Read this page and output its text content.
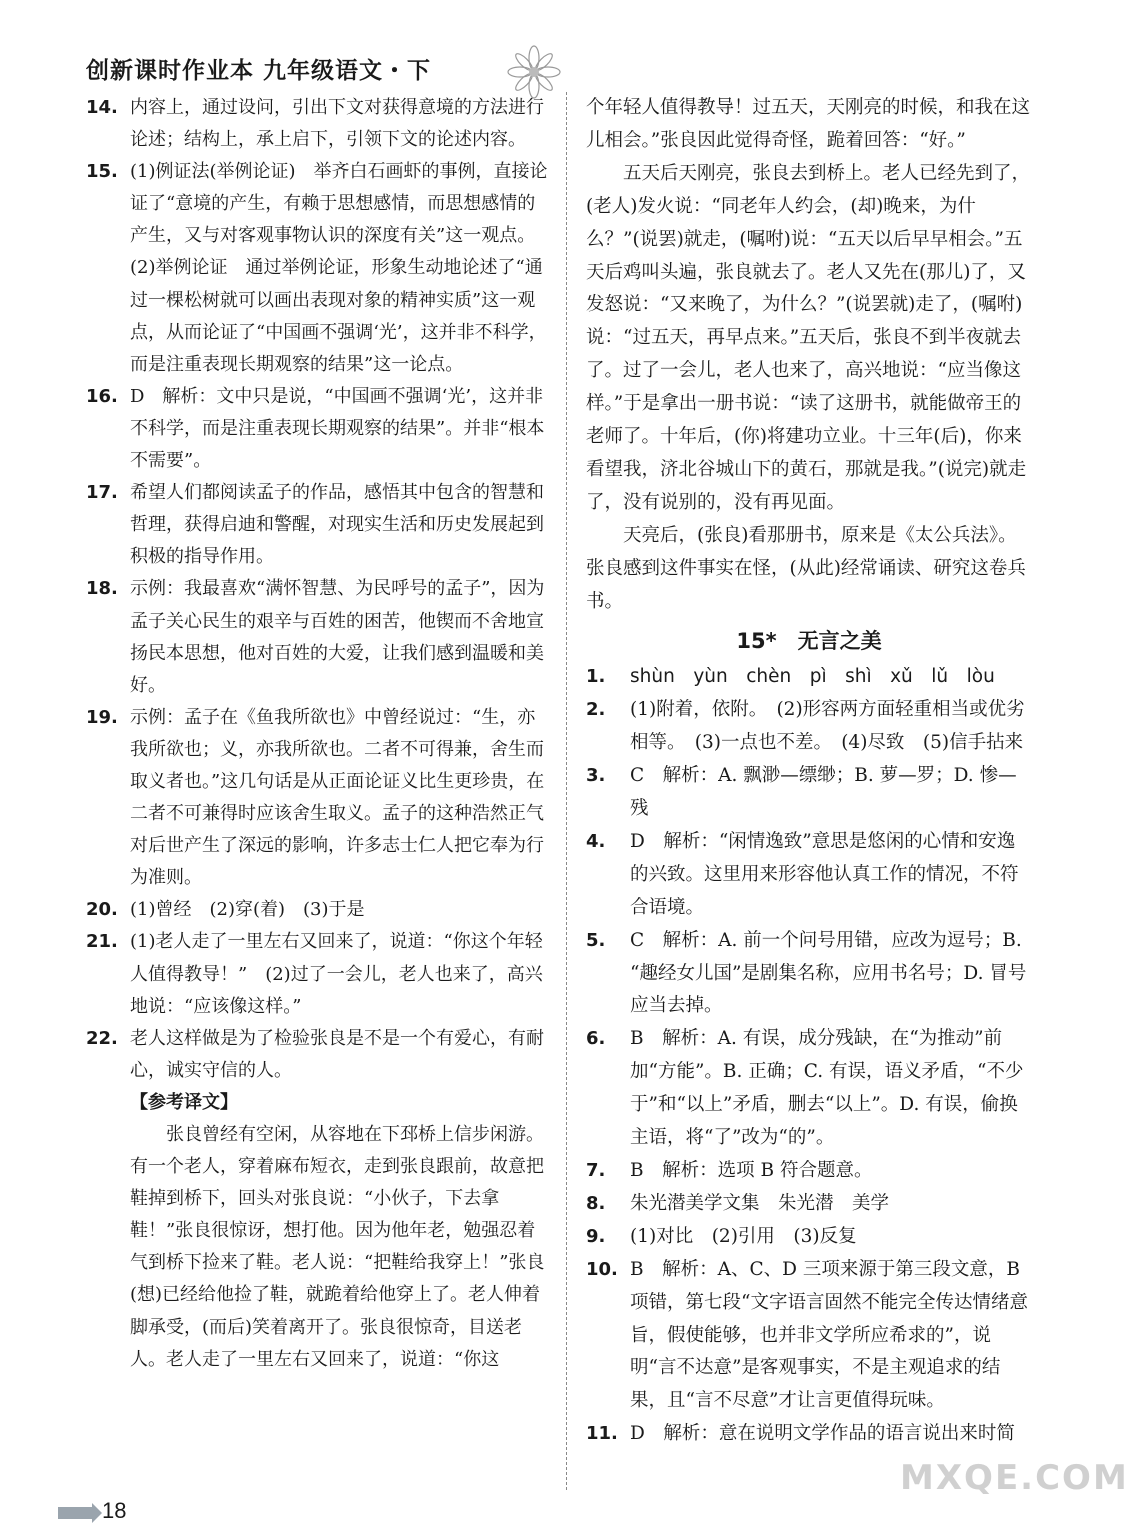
创新课时作业本 九年级语文・下
14. 内容上，通过设问，引出下文对获得意境的方法进行论述；结构上，承上启下，引领下文的论述内容。
15. (1)例证法(举例论证)　举齐白石画虾的事例，直接论证了“意境的产生，有赖于思想感情，而思想感情的产生，又与对客观事物认识的深度有关”这一观点。
(2)举例论证　通过举例论证，形象生动地论述了“通过一棵松树就可以画出表现对象的精神实质”这一观点，从而论证了“中国画不强调‘光’，这并非不科学，而是注重表现长期观察的结果”这一论点。
16. D　解析：文中只是说，“中国画不强调‘光’，这并非不科学，而是注重表现长期观察的结果”。并非“根本不需要”。
17. 希望人们都阅读孟子的作品，感悟其中包含的智慧和哲理，获得启迪和警醒，对现实生活和历史发展起到积极的指导作用。
18. 示例：我最喜欢“满怀智慧、为民呼号的孟子”，因为孟子关心民生的艰辛与百姓的困苦，他锲而不舍地宣扬民本思想，他对百姓的大爱，让我们感到温暖和美好。
19. 示例：孟子在《鱼我所欲也》中曾经说过：“生，亦我所欲也；义，亦我所欲也。二者不可得兼，舍生而取义者也。”这几句话是从正面论证义比生更珍贵，在二者不可兼得时应该舍生取义。孟子的这种浩然正气对后世产生了深远的影响，许多志士仁人把它奉为行为准则。
20. (1)曾经　(2)穿(着)　(3)于是
21. (1)老人走了一里左右又回来了，说道：“你这个年轻人值得教导！”　(2)过了一会儿，老人也来了，高兴地说：“应该像这样。”
22. 老人这样做是为了检验张良是不是一个有爱心，有耐心，诚实守信的人。
【参考译文】
张良曾经有空闲，从容地在下邳桥上信步闲游。有一个老人，穿着麻布短衣，走到张良跟前，故意把鞋掉到桥下，回头对张良说：“小伙子，下去拿鞋！”张良很惊讶，想打他。因为他年老，勉强忍着气到桥下捡来了鞋。老人说：“把鞋给我穿上！”张良(想)已经给他捡了鞋，就跪着给他穿上了。老人伸着脚承受，(而后)笑着离开了。张良很惊奇，目送老人。老人走了一里左右又回来了，说道：“你这
个年轻人值得教导！过五天，天刚亮的时候，和我在这儿相会。”张良因此觉得奇怪，跪着回答：“好。”
五天后天刚亮，张良去到桥上。老人已经先到了，(老人)发火说：“同老年人约会，(却)晚来，为什么？”(说罢)就走，(嘱咐)说：“五天以后早早相会。”五天后鸡叫头遍，张良就去了。老人又先在(那儿)了，又发怒说：“又来晚了，为什么？”(说罢就)走了，(嘱咐)说：“过五天，再早点来。”五天后，张良不到半夜就去了。过了一会儿，老人也来了，高兴地说：“应当像这样。”于是拿出一册书说：“读了这册书，就能做帝王的老师了。十年后，(你)将建功立业。十三年(后)，你来看望我，济北谷城山下的黄石，那就是我。”(说完)就走了，没有说别的，没有再见面。
天亮后，(张良)看那册书，原来是《太公兵法》。张良感到这件事实在怪，(从此)经常诵读、研究这卷兵书。
15*　无言之美
1. shùn　yùn　chèn　pì　shì　xǔ　lǔ　lòu
2. (1)附着，依附。　(2)形容两方面轻重相当或优劣相等。　(3)一点也不差。　(4)尽致　(5)信手拈来
3. C　解析：A. 飘渺—缥缈；B. 萝—罗；D. 惨—残
4. D　解析：“闲情逸致”意思是悠闲的心情和安逸的兴致。这里用来形容他认真工作的情况，不符合语境。
5. C　解析：A. 前一个问号用错，应改为逗号；B. “趣经女儿国”是剧集名称，应用书名号；D. 冒号应当去掉。
6. B　解析：A. 有误，成分残缺，在“为推动”前加“方能”。B. 正确；C. 有误，语义矛盾，“不少于”和“以上”矛盾，删去“以上”。D. 有误，偷换主语，将“了”改为“的”。
7. B　解析：选项 B 符合题意。
8. 朱光潜美学文集　朱光潜　美学
9. (1)对比　(2)引用　(3)反复
10. B　解析：A、C、D 三项来源于第三段文意，B 项错，第七段“文字语言固然不能完全传达情绪意旨，假使能够，也并非文学所应希求的”，说明“言不达意”是客观事实，不是主观追求的结果，且“言不尽意”才让言更值得玩味。
11. D　解析：意在说明文学作品的语言说出来时简
18
MXQE.COM
